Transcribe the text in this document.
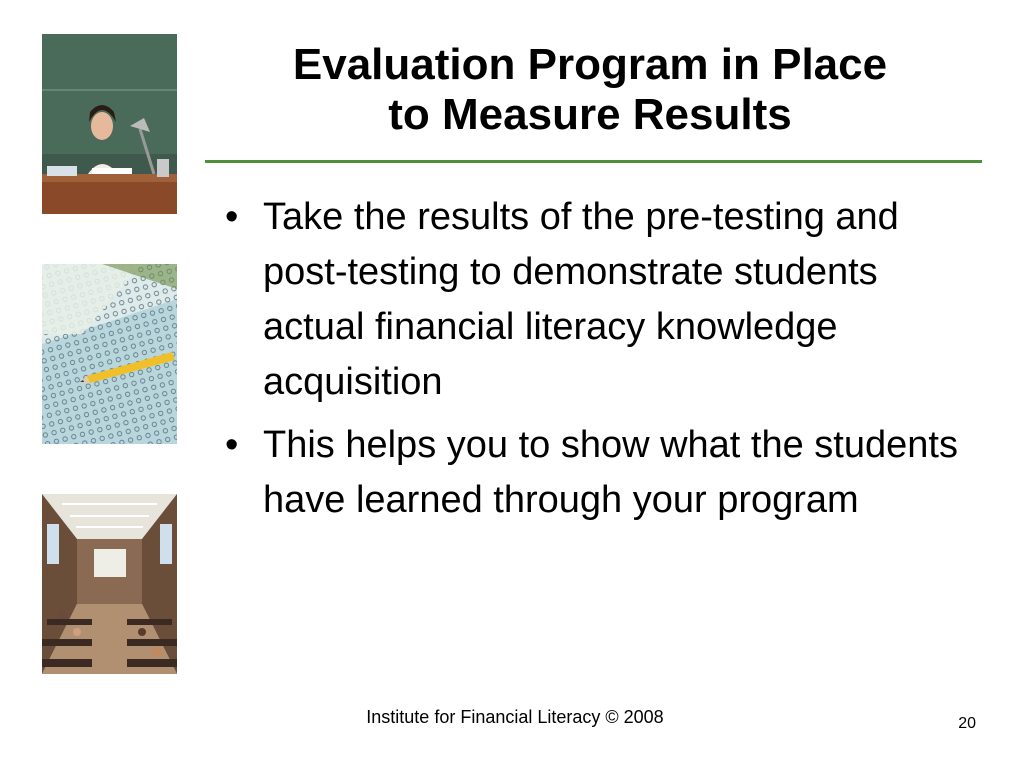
Evaluation Program in Place
to Measure Results
• Take the results of the pre-testing and post-testing to demonstrate students actual financial literacy knowledge acquisition
• This helps you to show what the students have learned through your program
Institute for Financial Literacy © 2008	20
